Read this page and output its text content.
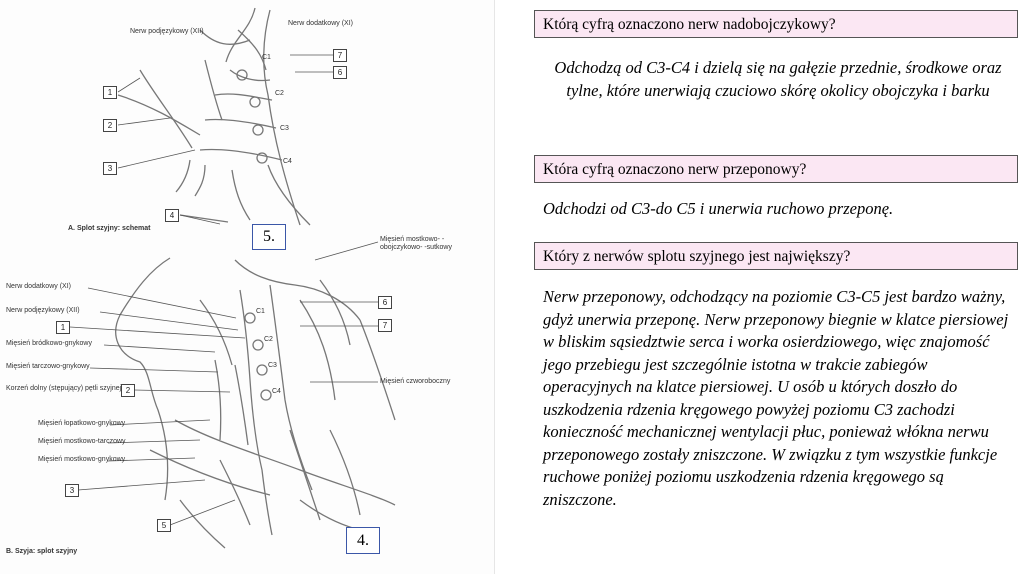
Nerw podjęzykowy (XII)
Nerw dodatkowy (XI)
C1
C2
C3
C4
1
2
3
4
6
7
A. Splot szyjny: schemat	5.
Nerw dodatkowy (XI)
Nerw podjęzykowy (XII)
Mięsień bródkowo-gnykowy
Mięsień tarczowo-gnykowy
Korzeń dolny (stępujący) pętli szyjnej
Mięsień łopatkowo-gnykowy
Mięsień mostkowo-tarczowy
Mięsień mostkowo-gnykowy
Mięsień mostkowo- -obojczykowo- -sutkowy
Mięsień czworoboczny
C1
C2
C3
C4
1
2
3
5
6
7
B. Szyja: splot szyjny
4.
Którą cyfrą oznaczono nerw nadobojczykowy?
Odchodzą od C3-C4 i dzielą się na gałęzie przednie, środkowe oraz tylne, które unerwiają czuciowo skórę okolicy obojczyka i barku
Która cyfrą oznaczono nerw przeponowy?
Odchodzi od C3-do C5 i unerwia ruchowo przeponę.
Który z nerwów splotu szyjnego jest największy?
Nerw przeponowy, odchodzący na poziomie C3-C5 jest bardzo ważny, gdyż unerwia przeponę. Nerw przeponowy biegnie w klatce piersiowej w bliskim sąsiedztwie serca i worka osierdziowego, więc znajomość jego przebiegu jest szczególnie istotna w trakcie zabiegów operacyjnych na klatce piersiowej. U osób u których doszło do uszkodzenia rdzenia kręgowego powyżej poziomu C3 zachodzi konieczność mechanicznej wentylacji płuc, ponieważ włókna nerwu przeponowego zostały zniszczone. W związku z tym wszystkie funkcje ruchowe poniżej poziomu uszkodzenia rdzenia kręgowego są zniszczone.
